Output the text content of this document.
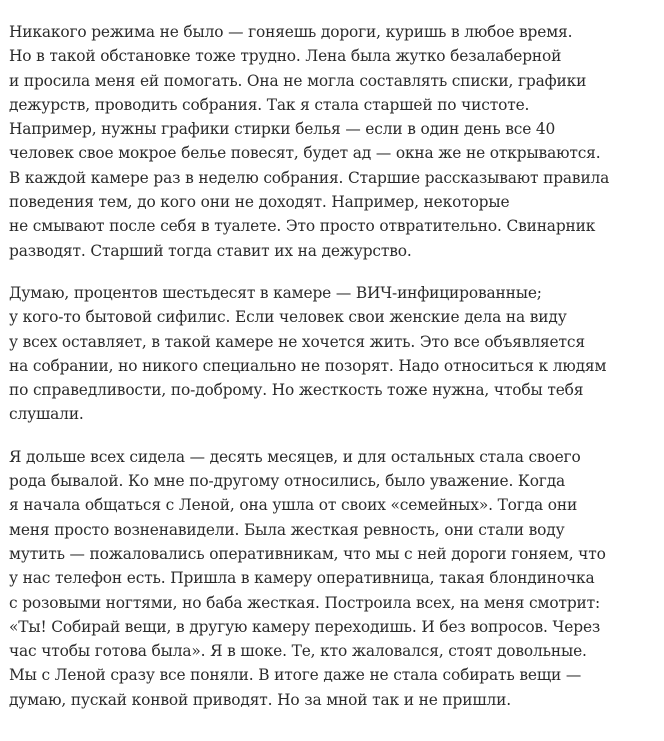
Никакого режима не было — гоняешь дороги, куришь в любое время.
Но в такой обстановке тоже трудно. Лена была жутко безалаберной
и просила меня ей помогать. Она не могла составлять списки, графики
дежурств, проводить собрания. Так я стала старшей по чистоте.
Например, нужны графики стирки белья — если в один день все 40
человек свое мокрое белье повесят, будет ад — окна же не открываются.
В каждой камере раз в неделю собрания. Старшие рассказывают правила
поведения тем, до кого они не доходят. Например, некоторые
не смывают после себя в туалете. Это просто отвратительно. Свинарник
разводят. Старший тогда ставит их на дежурство.

Думаю, процентов шестьдесят в камере — ВИЧ-инфицированные;
у кого-то бытовой сифилис. Если человек свои женские дела на виду
у всех оставляет, в такой камере не хочется жить. Это все объявляется
на собрании, но никого специально не позорят. Надо относиться к людям
по справедливости, по-доброму. Но жесткость тоже нужна, чтобы тебя
слушали.

Я дольше всех сидела — десять месяцев, и для остальных стала своего
рода бывалой. Ко мне по-другому относились, было уважение. Когда
я начала общаться с Леной, она ушла от своих «семейных». Тогда они
меня просто возненавидели. Была жесткая ревность, они стали воду
мутить — пожаловались оперативникам, что мы с ней дороги гоняем, что
у нас телефон есть. Пришла в камеру оперативница, такая блондиночка
с розовыми ногтями, но баба жесткая. Построила всех, на меня смотрит:
«Ты! Собирай вещи, в другую камеру переходишь. И без вопросов. Через
час чтобы готова была». Я в шоке. Те, кто жаловался, стоят довольные.
Мы с Леной сразу все поняли. В итоге даже не стала собирать вещи —
думаю, пускай конвой приводят. Но за мной так и не пришли.
